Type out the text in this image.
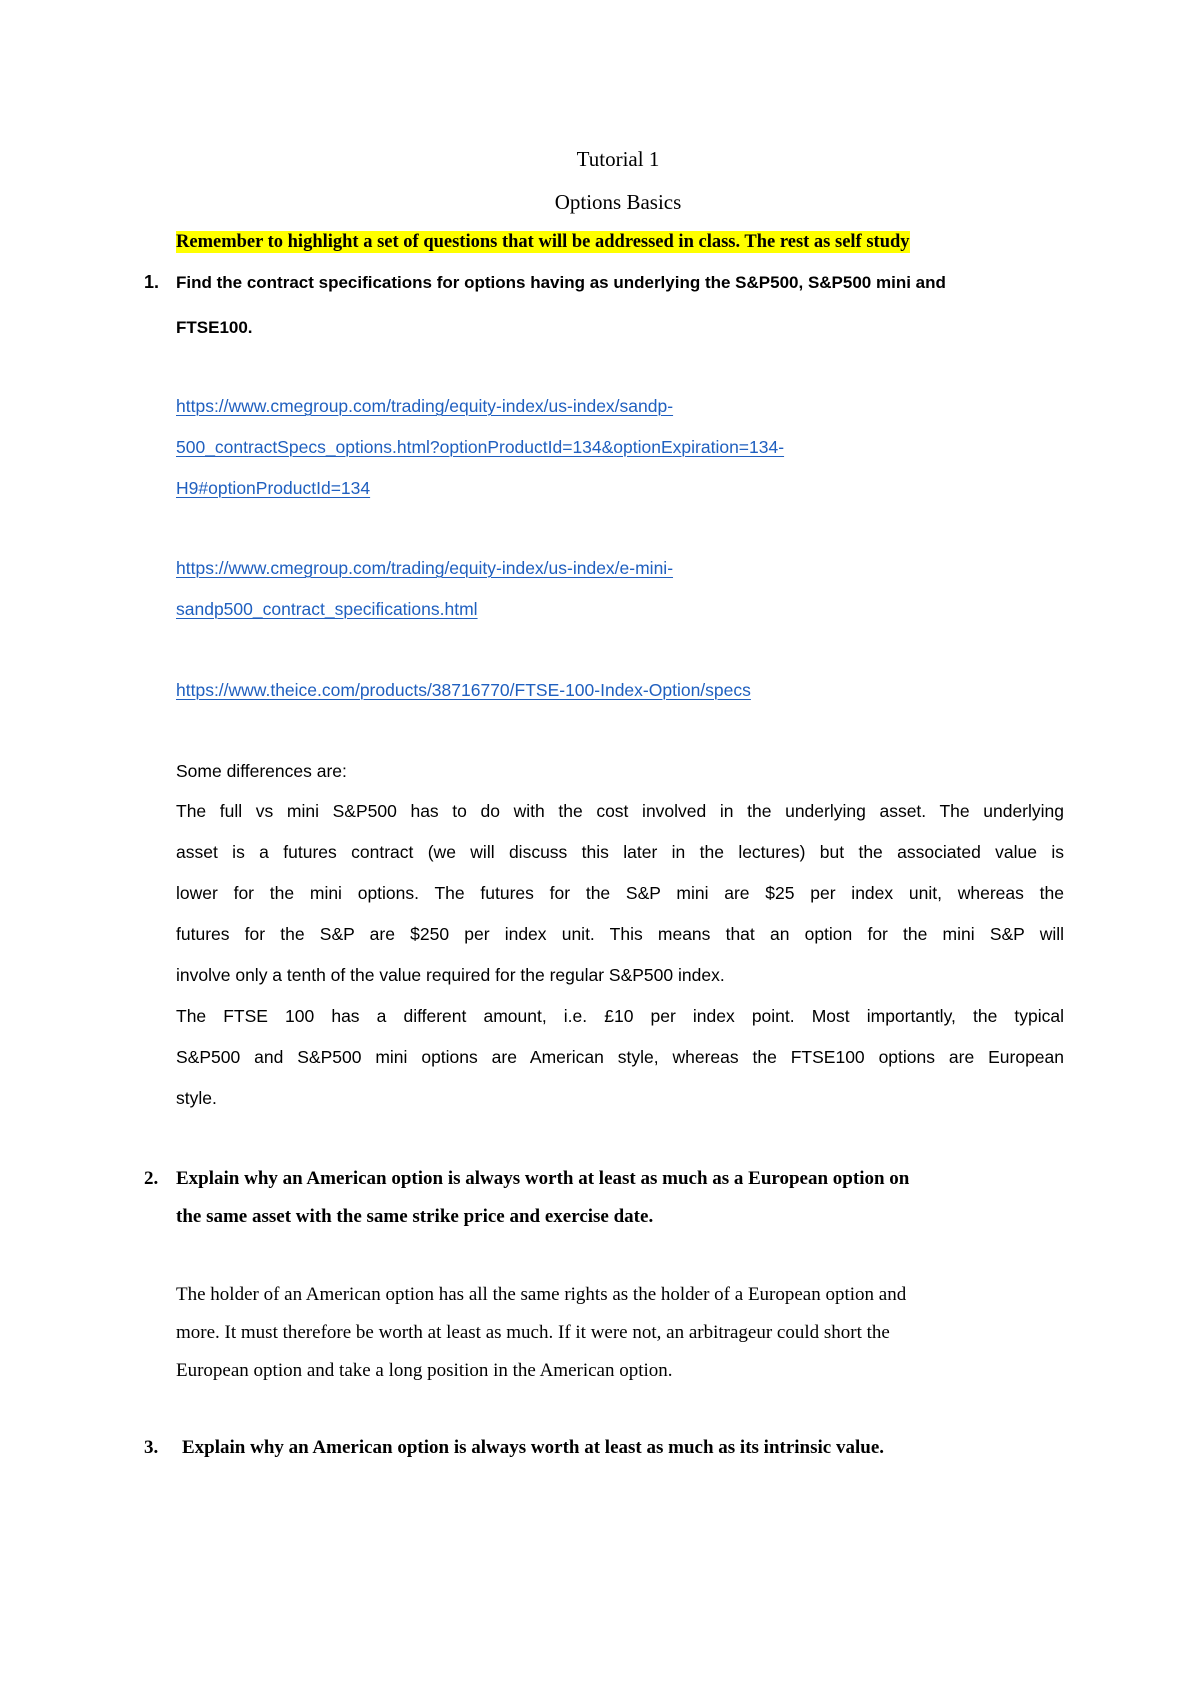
Tutorial 1
Options Basics
Remember to highlight a set of questions that will be addressed in class. The rest as self study
1. Find the contract specifications for options having as underlying the S&P500, S&P500 mini and
FTSE100.
https://www.cmegroup.com/trading/equity-index/us-index/sandp-
500_contractSpecs_options.html?optionProductId=134&optionExpiration=134-
H9#optionProductId=134
https://www.cmegroup.com/trading/equity-index/us-index/e-mini-
sandp500_contract_specifications.html
https://www.theice.com/products/38716770/FTSE-100-Index-Option/specs
Some differences are:
The full vs mini S&P500 has to do with the cost involved in the underlying asset. The underlying
asset is a futures contract (we will discuss this later in the lectures) but the associated value is
lower for the mini options. The futures for the S&P mini are $25 per index unit, whereas the
futures for the S&P are $250 per index unit. This means that an option for the mini S&P will
involve only a tenth of the value required for the regular S&P500 index.
The FTSE 100 has a different amount, i.e. £10 per index point. Most importantly, the typical
S&P500 and S&P500 mini options are American style, whereas the FTSE100 options are European
style.
2. Explain why an American option is always worth at least as much as a European option on
the same asset with the same strike price and exercise date.
The holder of an American option has all the same rights as the holder of a European option and
more. It must therefore be worth at least as much. If it were not, an arbitrageur could short the
European option and take a long position in the American option.
3. Explain why an American option is always worth at least as much as its intrinsic value.
